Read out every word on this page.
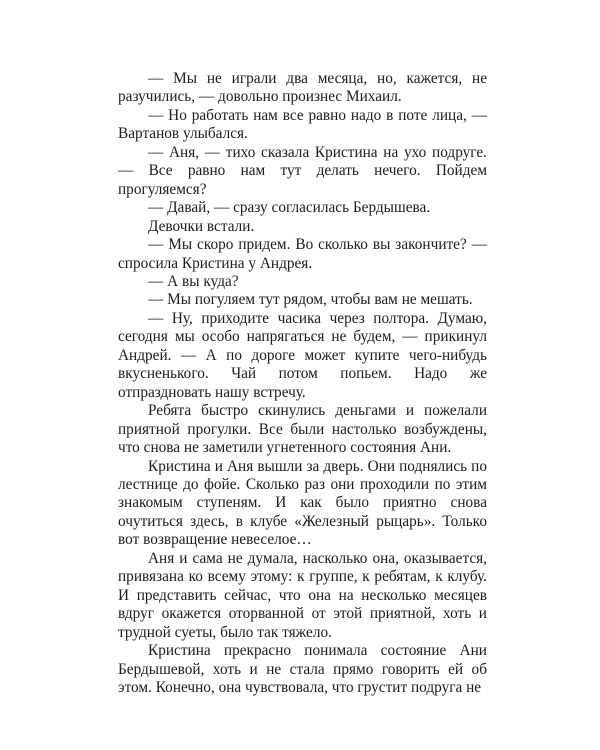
— Мы не играли два месяца, но, кажется, не разучились, — довольно произнес Михаил.

— Но работать нам все равно надо в поте лица, — Вартанов улыбался.

— Аня, — тихо сказала Кристина на ухо подруге. — Все равно нам тут делать нечего. Пойдем прогуляемся?

— Давай, — сразу согласилась Бердышева.

Девочки встали.

— Мы скоро придем. Во сколько вы закончите? — спросила Кристина у Андрея.

— А вы куда?

— Мы погуляем тут рядом, чтобы вам не мешать.

— Ну, приходите часика через полтора. Думаю, сегодня мы особо напрягаться не будем, — прикинул Андрей. — А по дороге может купите чего-нибудь вкусненького. Чай потом попьем. Надо же отпраздновать нашу встречу.

Ребята быстро скинулись деньгами и пожелали приятной прогулки. Все были настолько возбуждены, что снова не заметили угнетенного состояния Ани.

Кристина и Аня вышли за дверь. Они поднялись по лестнице до фойе. Сколько раз они проходили по этим знакомым ступеням. И как было приятно снова очутиться здесь, в клубе «Железный рыцарь». Только вот возвращение невеселое…

Аня и сама не думала, насколько она, оказывается, привязана ко всему этому: к группе, к ребятам, к клубу. И представить сейчас, что она на несколько месяцев вдруг окажется оторванной от этой приятной, хоть и трудной суеты, было так тяжело.

Кристина прекрасно понимала состояние Ани Бердышевой, хоть и не стала прямо говорить ей об этом. Конечно, она чувствовала, что грустит подруга не
